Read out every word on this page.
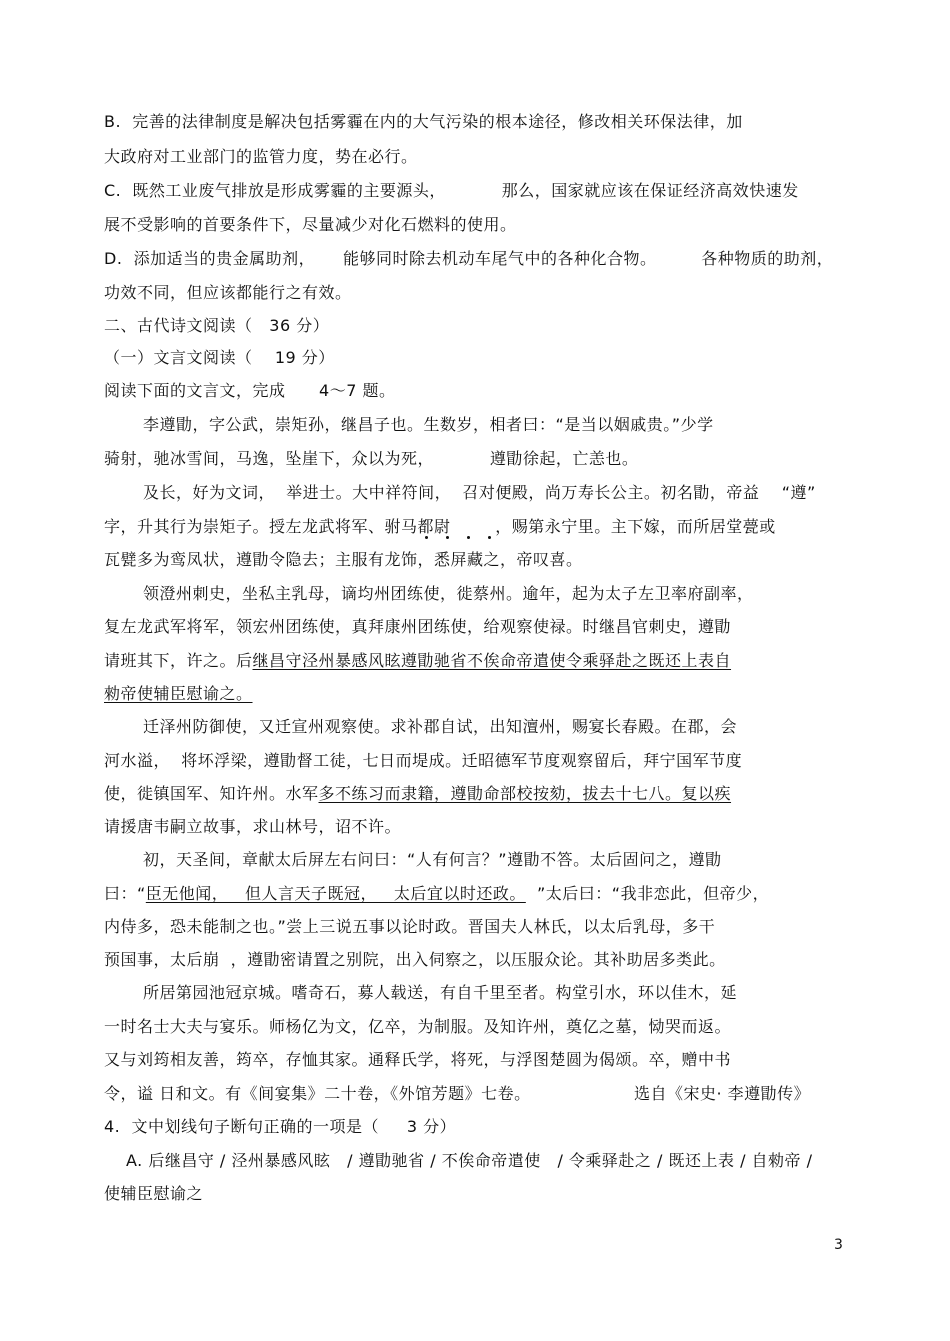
B.  完善的法律制度是解决包括雾霾在内的大气污染的根本途径，修改相关环保法律，加
大政府对工业部门的监管力度，势在必行。
C.  既然工业废气排放是形成雾霾的主要源头，          那么，国家就应该在保证经济高效快速发
展不受影响的首要条件下，尽量减少对化石燃料的使用。
D.  添加适当的贵金属助剂，     能够同时除去机动车尾气中的各种化合物。        各种物质的助剂，
功效不同，但应该都能行之有效。
二、古代诗文阅读（   36 分）
（一）文言文阅读（    19 分）
阅读下面的文言文，完成      4～7 题。
李遵勖，字公武，崇矩孙，继昌子也。生数岁，相者曰：“是当以姻戚贵。”少学
骑射，驰冰雪间，马逸，坠崖下，众以为死，          遵勖徐起，亡恙也。
及长，好为文词，  举进士。大中祥符间，  召对便殿，尚万寿长公主。初名勖，帝益    “遵”
字，升其行为崇矩子。授左龙武将军、驸马都尉        ，赐第永宁里。主下嫁，而所居堂甍或
瓦甓多为鸾凤状，遵勖令隐去；主服有龙饰，悉屏藏之，帝叹喜。
领澄州刺史，坐私主乳母，谪均州团练使，徙蔡州。逾年，起为太子左卫率府副率，
复左龙武军将军，领宏州团练使，真拜康州团练使，给观察使禄。时继昌官刺史，遵勖
请班其下，许之。后继昌守泾州暴感风眩遵勖驰省不俟命帝遣使令乘驿赴之既还上表自
勑帝使辅臣慰谕之。
迁泽州防御使，又迁宣州观察使。求补郡自试，出知澶州，赐宴长春殿。在郡，会
河水溢，  将坏浮梁，遵勖督工徒，七日而堤成。迁昭德军节度观察留后，拜宁国军节度
使，徙镇国军、知许州。水军多不练习而隶籍，遵勖命部校按劾，拔去十七八。复以疾
请援唐韦嗣立故事，求山林号，诏不许。
初，天圣间，章献太后屏左右问曰：“人有何言？”遵勖不答。太后固问之，遵勖
曰：“臣无他闻，   但人言天子既冠，   太后宜以时还政。  ”太后曰：“我非恋此，但帝少，
内侍多，恐未能制之也。”尝上三说五事以论时政。晋国夫人林氏，以太后乳母，多干
预国事，太后崩  ，遵勖密请置之别院，出入伺察之，以压服众论。其补助居多类此。
所居第园池冠京城。嗜奇石，募人载送，有自千里至者。构堂引水，环以佳木，延
一时名士大夫与宴乐。师杨亿为文，亿卒，为制服。及知许州，奠亿之墓，恸哭而返。
又与刘筠相友善，筠卒，存恤其家。通释氏学，将死，与浮图楚圆为偈颂。卒，赠中书
令，谥 日和文。有《间宴集》二十卷，《外馆芳题》七卷。	选自《宋史· 李遵勖传》
4.  文中划线句子断句正确的一项是（     3 分）
A. 后继昌守 / 泾州暴感风眩   / 遵勖驰省 / 不俟命帝遣使   / 令乘驿赴之 / 既还上表 / 自勑帝 /
使辅臣慰谕之
3
